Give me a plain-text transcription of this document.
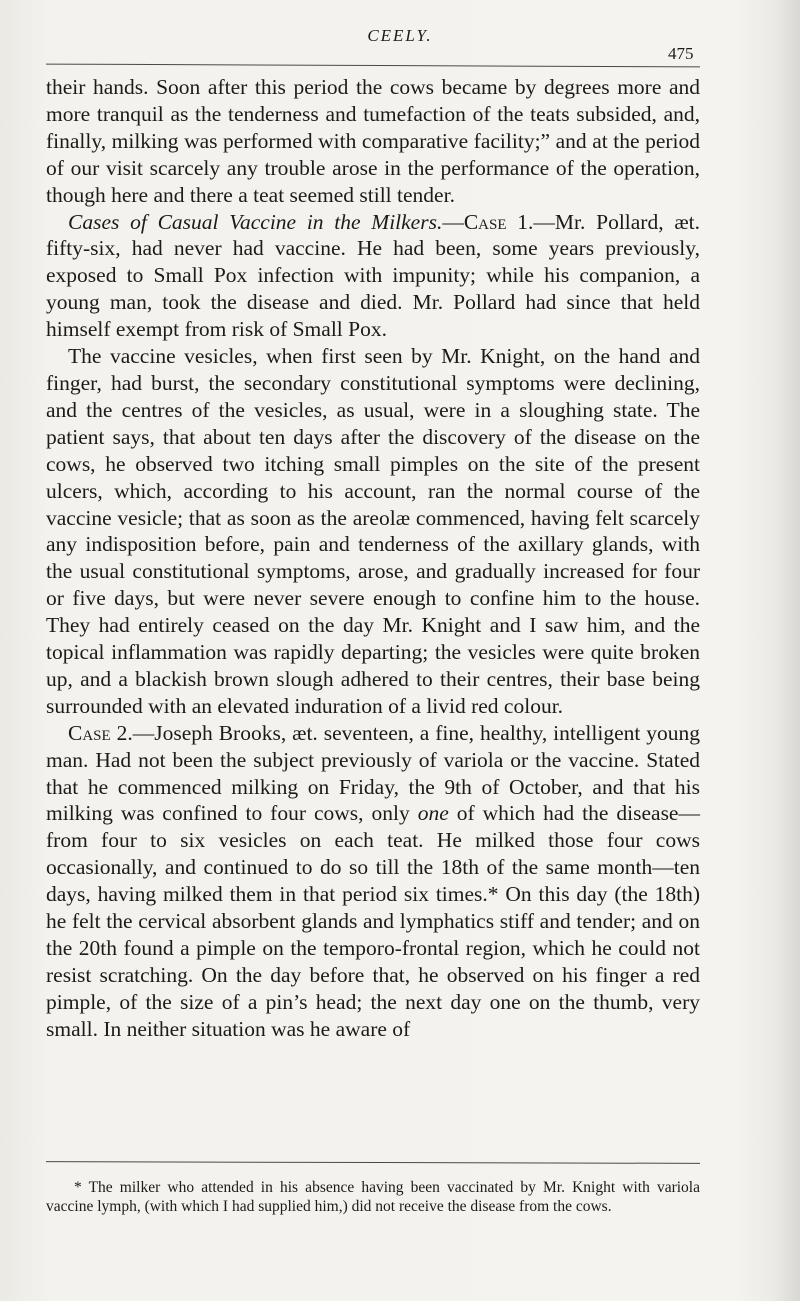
CEELY.
475

their hands. Soon after this period the cows became by degrees more and more tranquil as the tenderness and tumefaction of the teats subsided, and, finally, milking was performed with comparative facility;” and at the period of our visit scarcely any trouble arose in the performance of the operation, though here and there a teat seemed still tender.

Cases of Casual Vaccine in the Milkers.—Case 1.—Mr. Pollard, æt. fifty-six, had never had vaccine. He had been, some years previously, exposed to Small Pox infection with impunity; while his companion, a young man, took the disease and died. Mr. Pollard had since that held himself exempt from risk of Small Pox.

The vaccine vesicles, when first seen by Mr. Knight, on the hand and finger, had burst, the secondary constitutional symptoms were declining, and the centres of the vesicles, as usual, were in a sloughing state. The patient says, that about ten days after the discovery of the disease on the cows, he observed two itching small pimples on the site of the present ulcers, which, according to his account, ran the normal course of the vaccine vesicle; that as soon as the areolæ commenced, having felt scarcely any indisposition before, pain and tenderness of the axillary glands, with the usual constitutional symptoms, arose, and gradually increased for four or five days, but were never severe enough to confine him to the house. They had entirely ceased on the day Mr. Knight and I saw him, and the topical inflammation was rapidly departing; the vesicles were quite broken up, and a blackish brown slough adhered to their centres, their base being surrounded with an elevated induration of a livid red colour.

Case 2.—Joseph Brooks, æt. seventeen, a fine, healthy, intelligent young man. Had not been the subject previously of variola or the vaccine. Stated that he commenced milking on Friday, the 9th of October, and that his milking was confined to four cows, only one of which had the disease—from four to six vesicles on each teat. He milked those four cows occasionally, and continued to do so till the 18th of the same month—ten days, having milked them in that period six times.* On this day (the 18th) he felt the cervical absorbent glands and lymphatics stiff and tender; and on the 20th found a pimple on the temporo-frontal region, which he could not resist scratching. On the day before that, he observed on his finger a red pimple, of the size of a pin’s head; the next day one on the thumb, very small. In neither situation was he aware of

* The milker who attended in his absence having been vaccinated by Mr. Knight with variola vaccine lymph, (with which I had supplied him,) did not receive the disease from the cows.
